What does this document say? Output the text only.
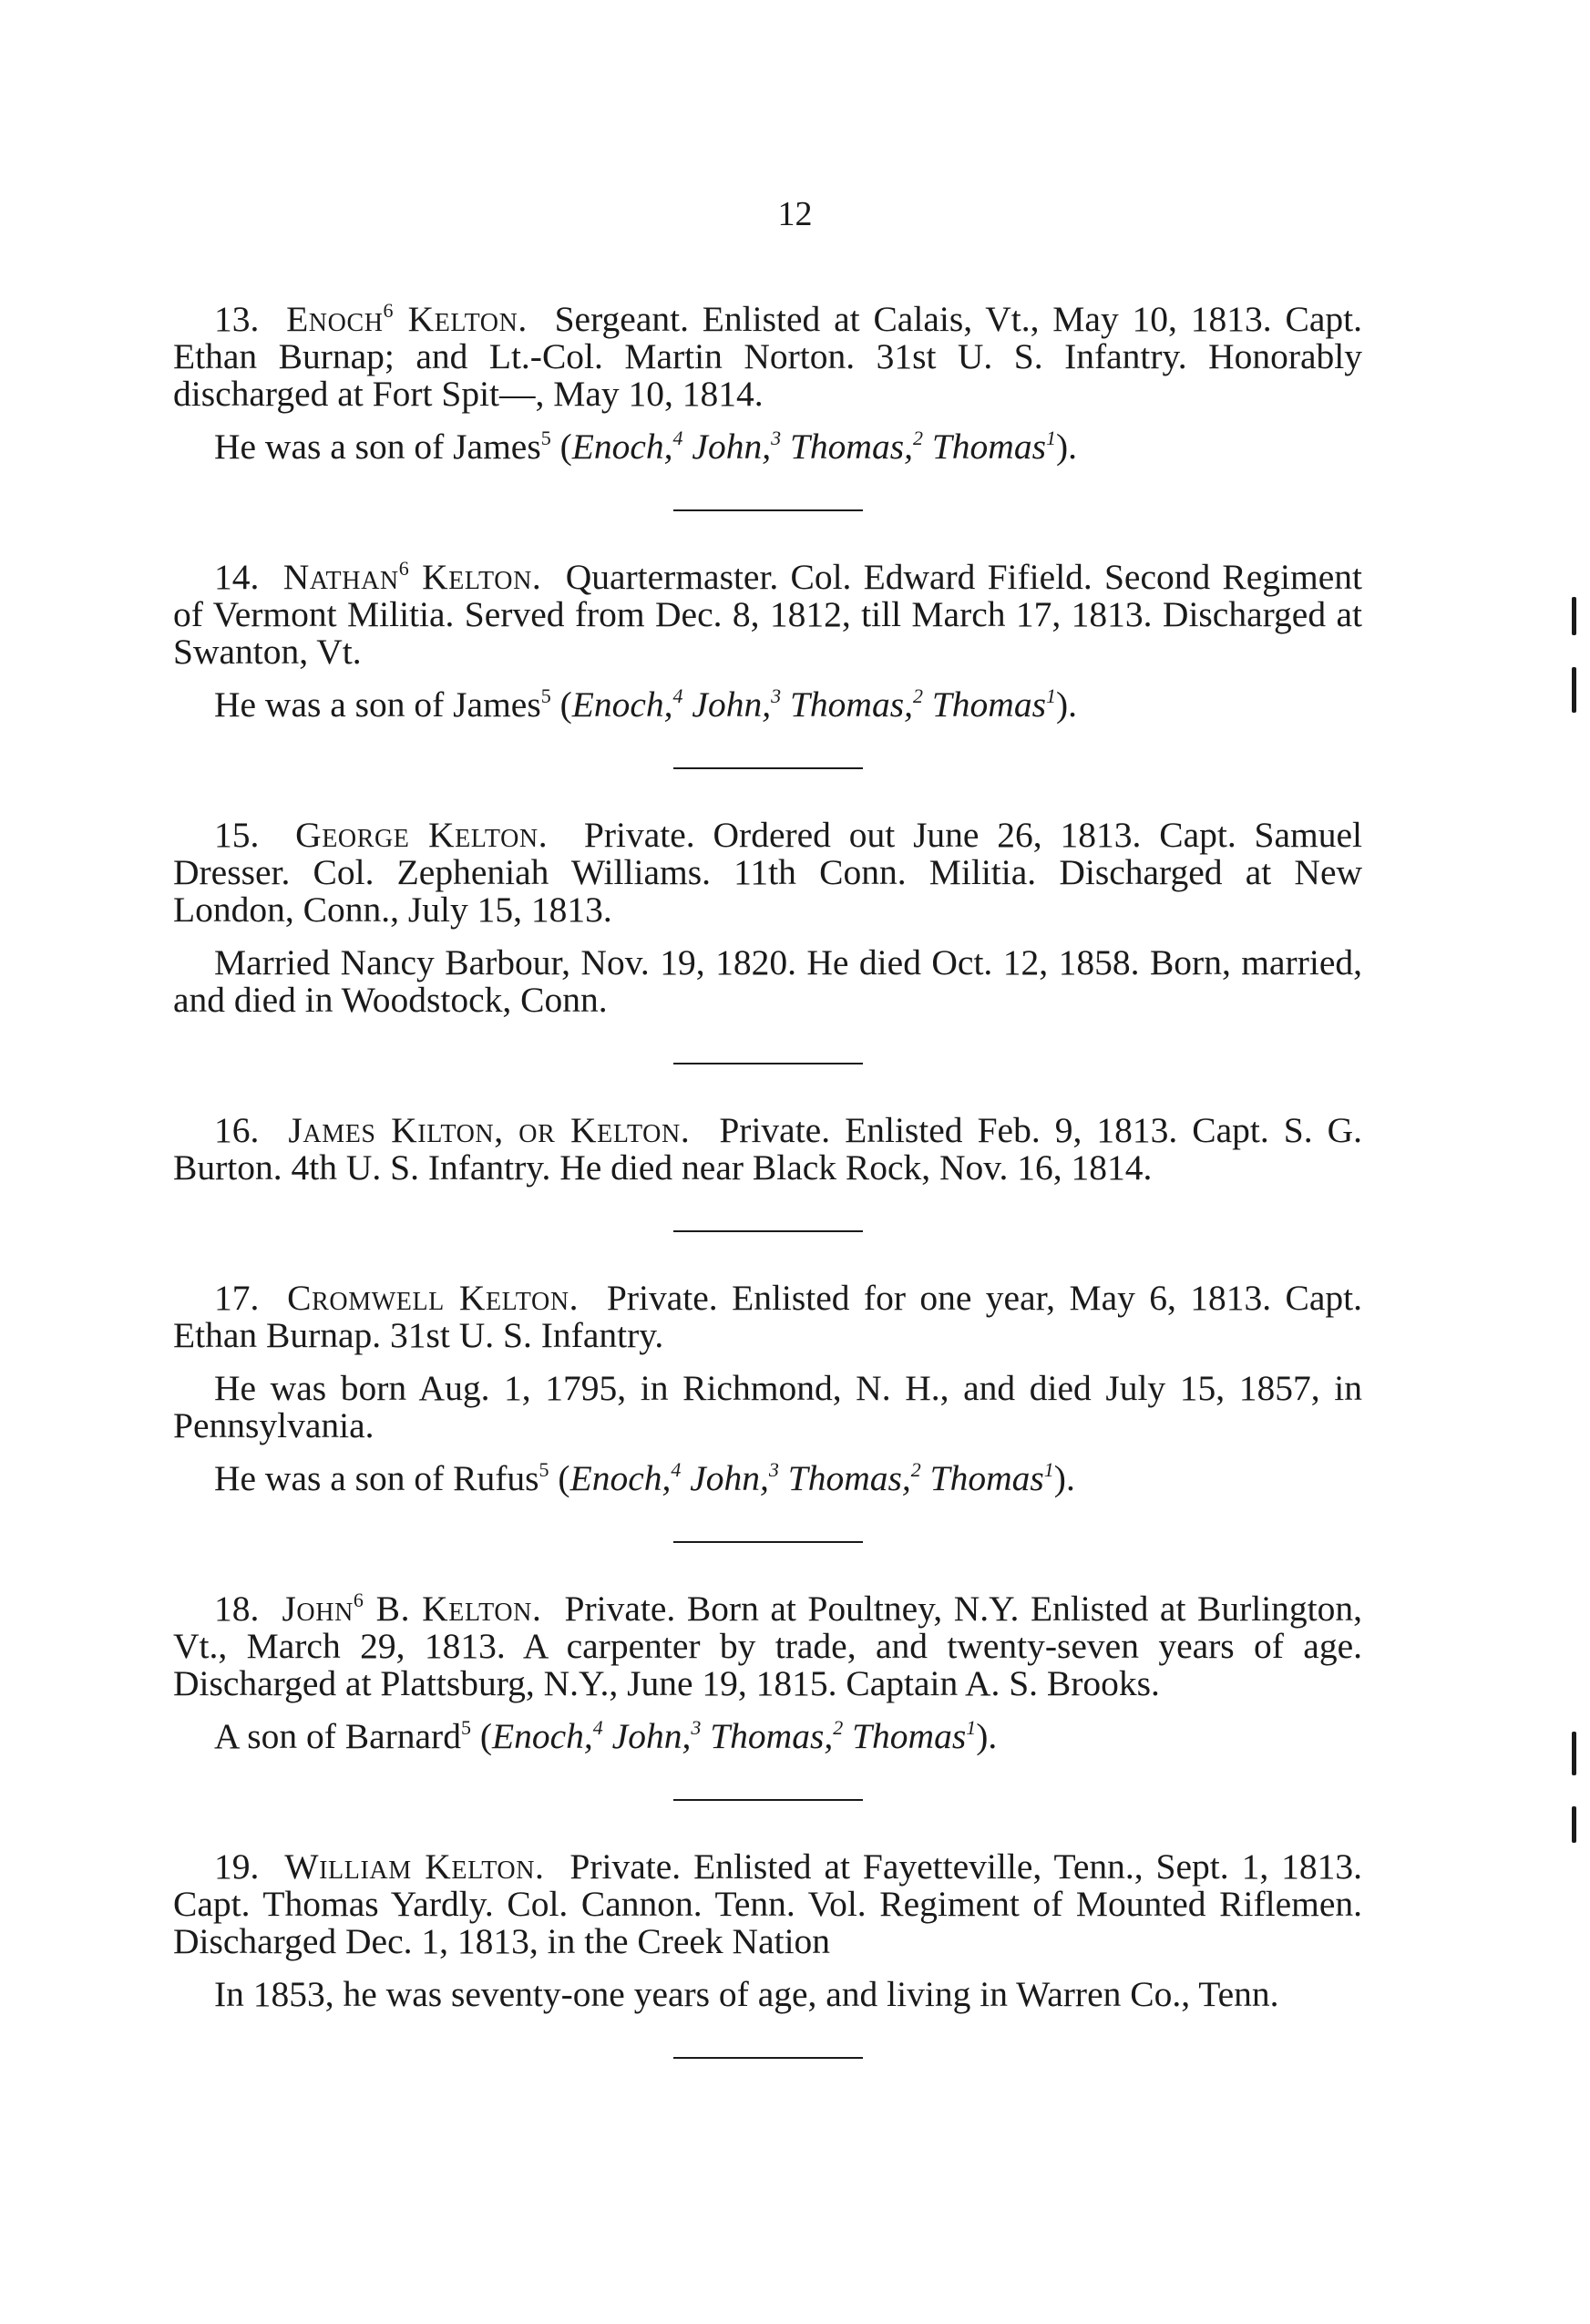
12

13. Enoch$^6$ Kelton. Sergeant. Enlisted at Calais, Vt., May 10, 1813. Capt. Ethan Burnap; and Lt.-Col. Martin Norton. 31st U. S. Infantry. Honorably discharged at Fort Spit—, May 10, 1814.

He was a son of James$^5$ (Enoch,$^4$ John,$^3$ Thomas,$^2$ Thomas$^1$).

14. Nathan$^6$ Kelton. Quartermaster. Col. Edward Fifield. Second Regiment of Vermont Militia. Served from Dec. 8, 1812, till March 17, 1813. Discharged at Swanton, Vt.

He was a son of James$^5$ (Enoch,$^4$ John,$^3$ Thomas,$^2$ Thomas$^1$).

15. George Kelton. Private. Ordered out June 26, 1813. Capt. Samuel Dresser. Col. Zepheniah Williams. 11th Conn. Militia. Discharged at New London, Conn., July 15, 1813.

Married Nancy Barbour, Nov. 19, 1820. He died Oct. 12, 1858. Born, married, and died in Woodstock, Conn.

16. James Kilton, or Kelton. Private. Enlisted Feb. 9, 1813. Capt. S. G. Burton. 4th U. S. Infantry. He died near Black Rock, Nov. 16, 1814.

17. Cromwell Kelton. Private. Enlisted for one year, May 6, 1813. Capt. Ethan Burnap. 31st U. S. Infantry.

He was born Aug. 1, 1795, in Richmond, N. H., and died July 15, 1857, in Pennsylvania.

He was a son of Rufus$^5$ (Enoch,$^4$ John,$^3$ Thomas,$^2$ Thomas$^1$).

18. John$^6$ B. Kelton. Private. Born at Poultney, N.Y. Enlisted at Burlington, Vt., March 29, 1813. A carpenter by trade, and twenty-seven years of age. Discharged at Plattsburg, N.Y., June 19, 1815. Captain A. S. Brooks.

A son of Barnard$^5$ (Enoch,$^4$ John,$^3$ Thomas,$^2$ Thomas$^1$).

19. William Kelton. Private. Enlisted at Fayetteville, Tenn., Sept. 1, 1813. Capt. Thomas Yardly. Col. Cannon. Tenn. Vol. Regiment of Mounted Riflemen. Discharged Dec. 1, 1813, in the Creek Nation

In 1853, he was seventy-one years of age, and living in Warren Co., Tenn.
